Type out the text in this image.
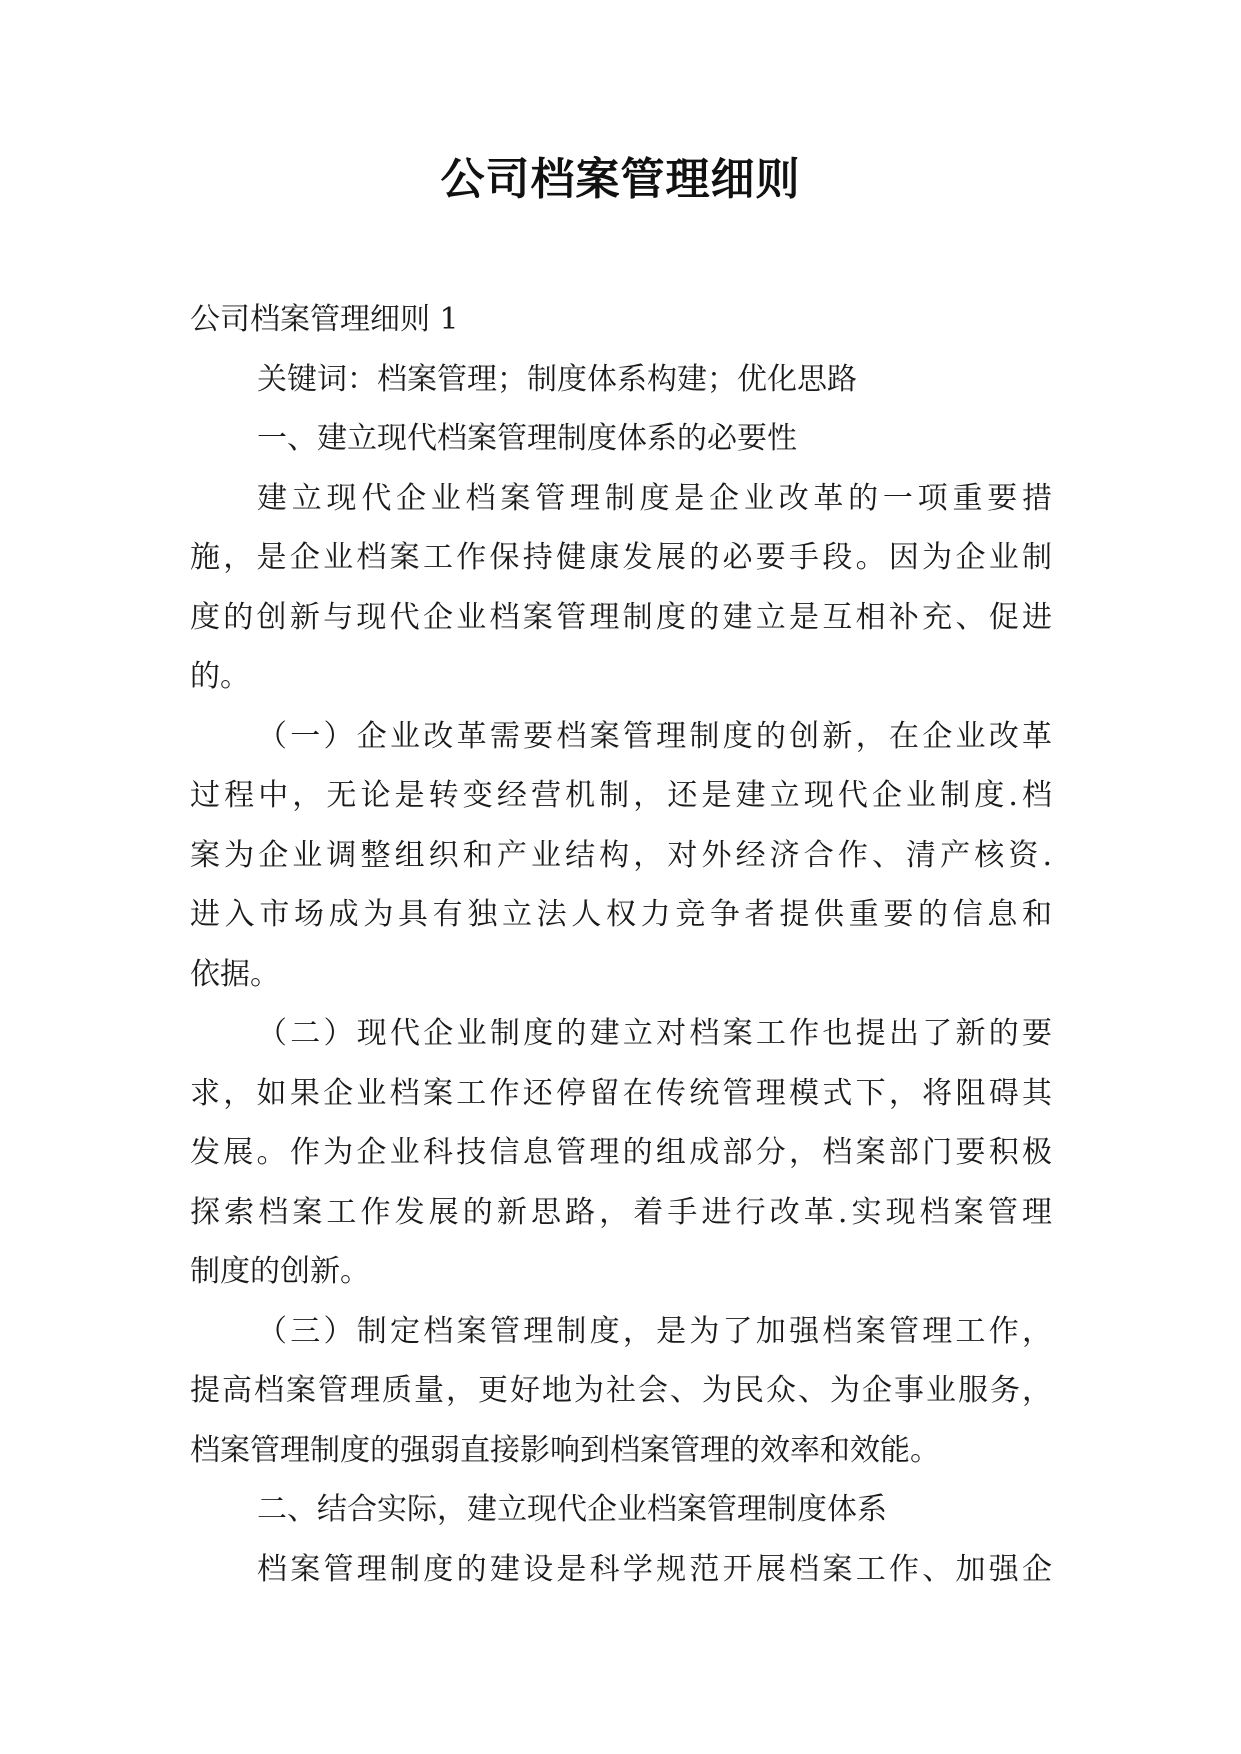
公司档案管理细则
公司档案管理细则 1
关键词：档案管理；制度体系构建；优化思路
一、建立现代档案管理制度体系的必要性
建立现代企业档案管理制度是企业改革的一项重要措
施，是企业档案工作保持健康发展的必要手段。因为企业制
度的创新与现代企业档案管理制度的建立是互相补充、促进
的。
（一）企业改革需要档案管理制度的创新，在企业改革
过程中，无论是转变经营机制，还是建立现代企业制度.档
案为企业调整组织和产业结构，对外经济合作、清产核资.
进入市场成为具有独立法人权力竞争者提供重要的信息和
依据。
（二）现代企业制度的建立对档案工作也提出了新的要
求，如果企业档案工作还停留在传统管理模式下，将阻碍其
发展。作为企业科技信息管理的组成部分，档案部门要积极
探索档案工作发展的新思路，着手进行改革.实现档案管理
制度的创新。
（三）制定档案管理制度，是为了加强档案管理工作，
提高档案管理质量，更好地为社会、为民众、为企事业服务，
档案管理制度的强弱直接影响到档案管理的效率和效能。
二、结合实际，建立现代企业档案管理制度体系
档案管理制度的建设是科学规范开展档案工作、加强企
